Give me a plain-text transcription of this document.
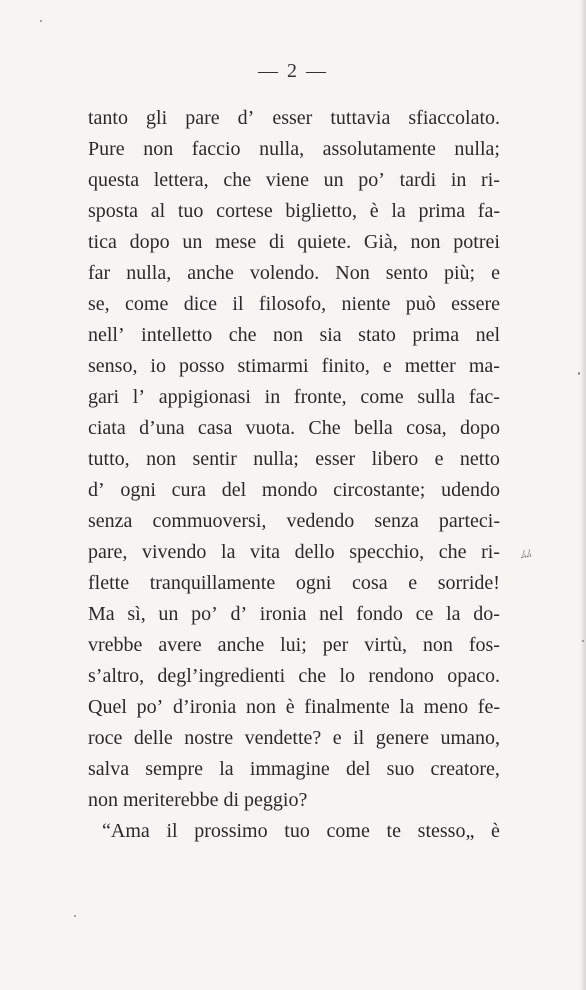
— 2 —
tanto gli pare d’ esser tuttavia sfiaccolato.
Pure non faccio nulla, assolutamente nulla;
questa lettera, che viene un po’ tardi in ri-
sposta al tuo cortese biglietto, è la prima fa-
tica dopo un mese di quiete. Già, non potrei
far nulla, anche volendo. Non sento più; e
se, come dice il filosofo, niente può essere
nell’ intelletto che non sia stato prima nel
senso, io posso stimarmi finito, e metter ma-
gari l’ appigionasi in fronte, come sulla fac-
ciata d’una casa vuota. Che bella cosa, dopo
tutto, non sentir nulla; esser libero e netto
d’ ogni cura del mondo circostante; udendo
senza commuoversi, vedendo senza parteci-
pare, vivendo la vita dello specchio, che ri-
flette tranquillamente ogni cosa e sorride!
Ma sì, un po’ d’ ironia nel fondo ce la do-
vrebbe avere anche lui; per virtù, non fos-
s’altro, degl’ingredienti che lo rendono opaco.
Quel po’ d’ironia non è finalmente la meno fe-
roce delle nostre vendette? e il genere umano,
salva sempre la immagine del suo creatore,
non meriterebbe di peggio?
“Ama il prossimo tuo come te stesso„ è
ﾑﾑ
